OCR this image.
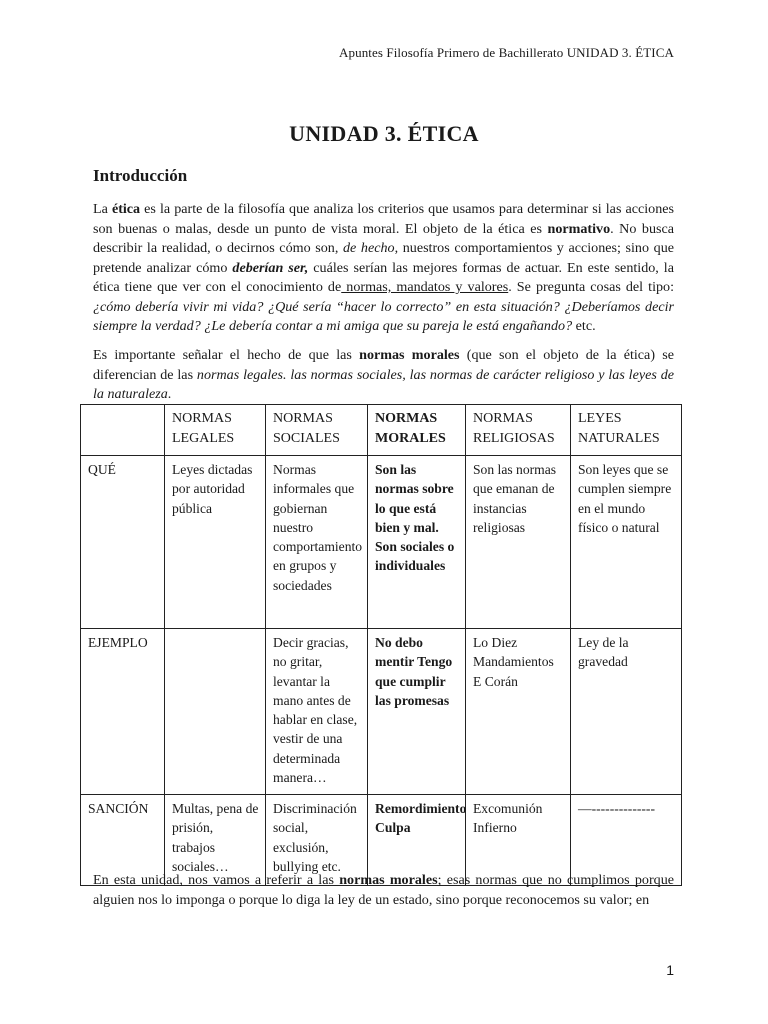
Apuntes Filosofía Primero de Bachillerato UNIDAD 3. ÉTICA
UNIDAD 3. ÉTICA
Introducción

La ética es la parte de la filosofía que analiza los criterios que usamos para determinar si las acciones son buenas o malas, desde un punto de vista moral. El objeto de la ética es normativo. No busca describir la realidad, o decirnos cómo son, de hecho, nuestros comportamientos y acciones; sino que pretende analizar cómo deberían ser, cuáles serían las mejores formas de actuar. En este sentido, la ética tiene que ver con el conocimiento de normas, mandatos y valores. Se pregunta cosas del tipo: ¿cómo debería vivir mi vida? ¿Qué sería “hacer lo correcto” en esta situación? ¿Deberíamos decir siempre la verdad? ¿Le debería contar a mi amiga que su pareja le está engañando? etc.

Es importante señalar el hecho de que las normas morales (que son el objeto de la ética) se diferencian de las normas legales. las normas sociales, las normas de carácter religioso y las leyes de la naturaleza.

	NORMAS LEGALES	NORMAS SOCIALES	NORMAS MORALES	NORMAS RELIGIOSAS	LEYES NATURALES
QUÉ	Leyes dictadas por autoridad pública	Normas informales que gobiernan nuestro comportamiento en grupos y sociedades	Son las normas sobre lo que está bien y mal. Son sociales o individuales	Son las normas que emanan de instancias religiosas	Son leyes que se cumplen siempre en el mundo físico o natural
EJEMPLO		Decir gracias, no gritar, levantar la mano antes de hablar en clase, vestir de una determinada manera…	No debo mentir Tengo que cumplir las promesas	Lo Diez Mandamientos E Corán	Ley de la gravedad
SANCIÓN	Multas, pena de prisión, trabajos sociales…	Discriminación social, exclusión, bullying etc.	Remordimiento Culpa	Excomunión Infierno	—--------------

En esta unidad, nos vamos a referir a las normas morales; esas normas que no cumplimos porque alguien nos lo imponga o porque lo diga la ley de un estado, sino porque reconocemos su valor; en

1
